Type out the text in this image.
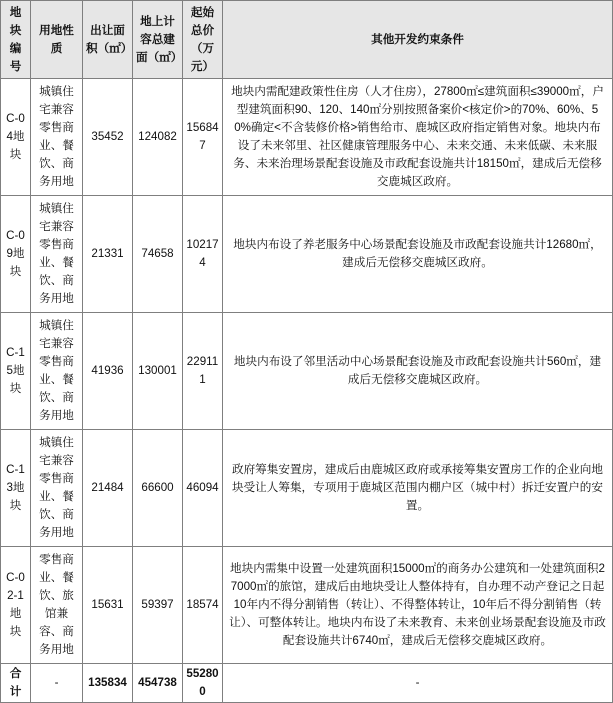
地块编号	用地性质	出让面积（㎡）	地上计容总建面（㎡）	起始总价（万元）	其他开发约束条件
C-04地块	城镇住宅兼容零售商业、餐饮、商务用地	35452	124082	156847	地块内需配建政策性住房（人才住房），27800㎡≤建筑面积≤39000㎡，户型建筑面积90、120、140㎡分别按照备案价<核定价>的70%、60%、50%确定<不含装修价格>销售给市、鹿城区政府指定销售对象。地块内布设了未来邻里、社区健康管理服务中心、未来交通、未来低碳、未来服务、未来治理场景配套设施及市政配套设施共计18150㎡，建成后无偿移交鹿城区政府。
C-09地块	城镇住宅兼容零售商业、餐饮、商务用地	21331	74658	102174	地块内布设了养老服务中心场景配套设施及市政配套设施共计12680㎡，建成后无偿移交鹿城区政府。
C-15地块	城镇住宅兼容零售商业、餐饮、商务用地	41936	130001	229111	地块内布设了邻里活动中心场景配套设施及市政配套设施共计560㎡，建成后无偿移交鹿城区政府。
C-13地块	城镇住宅兼容零售商业、餐饮、商务用地	21484	66600	46094	政府筹集安置房，建成后由鹿城区政府或承接筹集安置房工作的企业向地块受让人筹集，专项用于鹿城区范围内棚户区（城中村）拆迁安置户的安置。
C-02-1地块	零售商业、餐饮、旅馆兼容、商务用地	15631	59397	18574	地块内需集中设置一处建筑面积15000㎡的商务办公建筑和一处建筑面积27000㎡的旅馆，建成后由地块受让人整体持有，自办理不动产登记之日起10年内不得分割销售（转让）、不得整体转让，10年后不得分割销售（转让）、可整体转让。地块内布设了未来教育、未来创业场景配套设施及市政配套设施共计6740㎡，建成后无偿移交鹿城区政府。
合计	-	135834	454738	552800	-
